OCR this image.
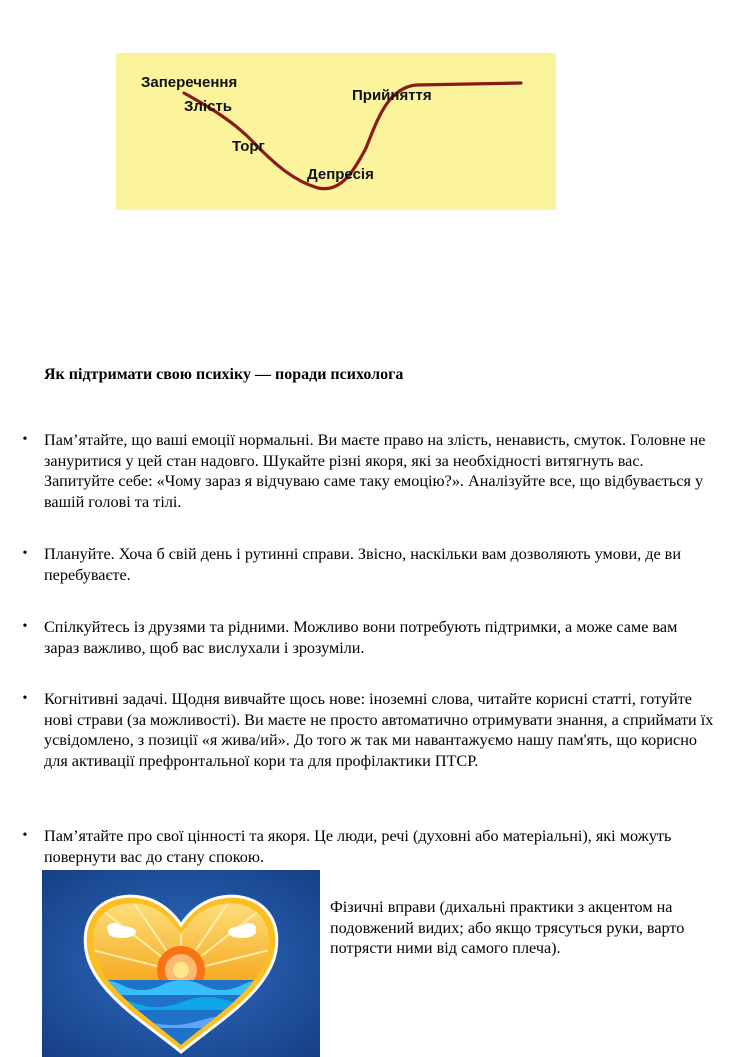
Заперечення
Злість
Торг
Депресія
Прийняття
Як підтримати свою психіку — поради психолога
• Пам’ятайте, що ваші емоції нормальні. Ви маєте право на злість, ненависть, смуток. Головне не зануритися у цей стан надовго. Шукайте різні якоря, які за необхідності витягнуть вас. Запитуйте себе: «Чому зараз я відчуваю саме таку емоцію?». Аналізуйте все, що відбувається у вашій голові та тілі.
• Плануйте. Хоча б свій день і рутинні справи. Звісно, наскільки вам дозволяють умови, де ви перебуваєте.
• Спілкуйтесь із друзями та рідними. Можливо вони потребують підтримки, а може саме вам зараз важливо, щоб вас вислухали і зрозуміли.
• Когнітивні задачі. Щодня вивчайте щось нове: іноземні слова, читайте корисні статті, готуйте нові страви (за можливості). Ви маєте не просто автоматично отримувати знання, а сприймати їх усвідомлено, з позиції «я жива/ий». До того ж так ми навантажуємо нашу пам'ять, що корисно для активації префронтальної кори та для профілактики ПТСР.
• Пам’ятайте про свої цінності та якоря. Це люди, речі (духовні або матеріальні), які можуть повернути вас до стану спокою.
Фізичні вправи (дихальні практики з акцентом на подовжений видих; або якщо трясуться руки, варто потрясти ними від самого плеча).
